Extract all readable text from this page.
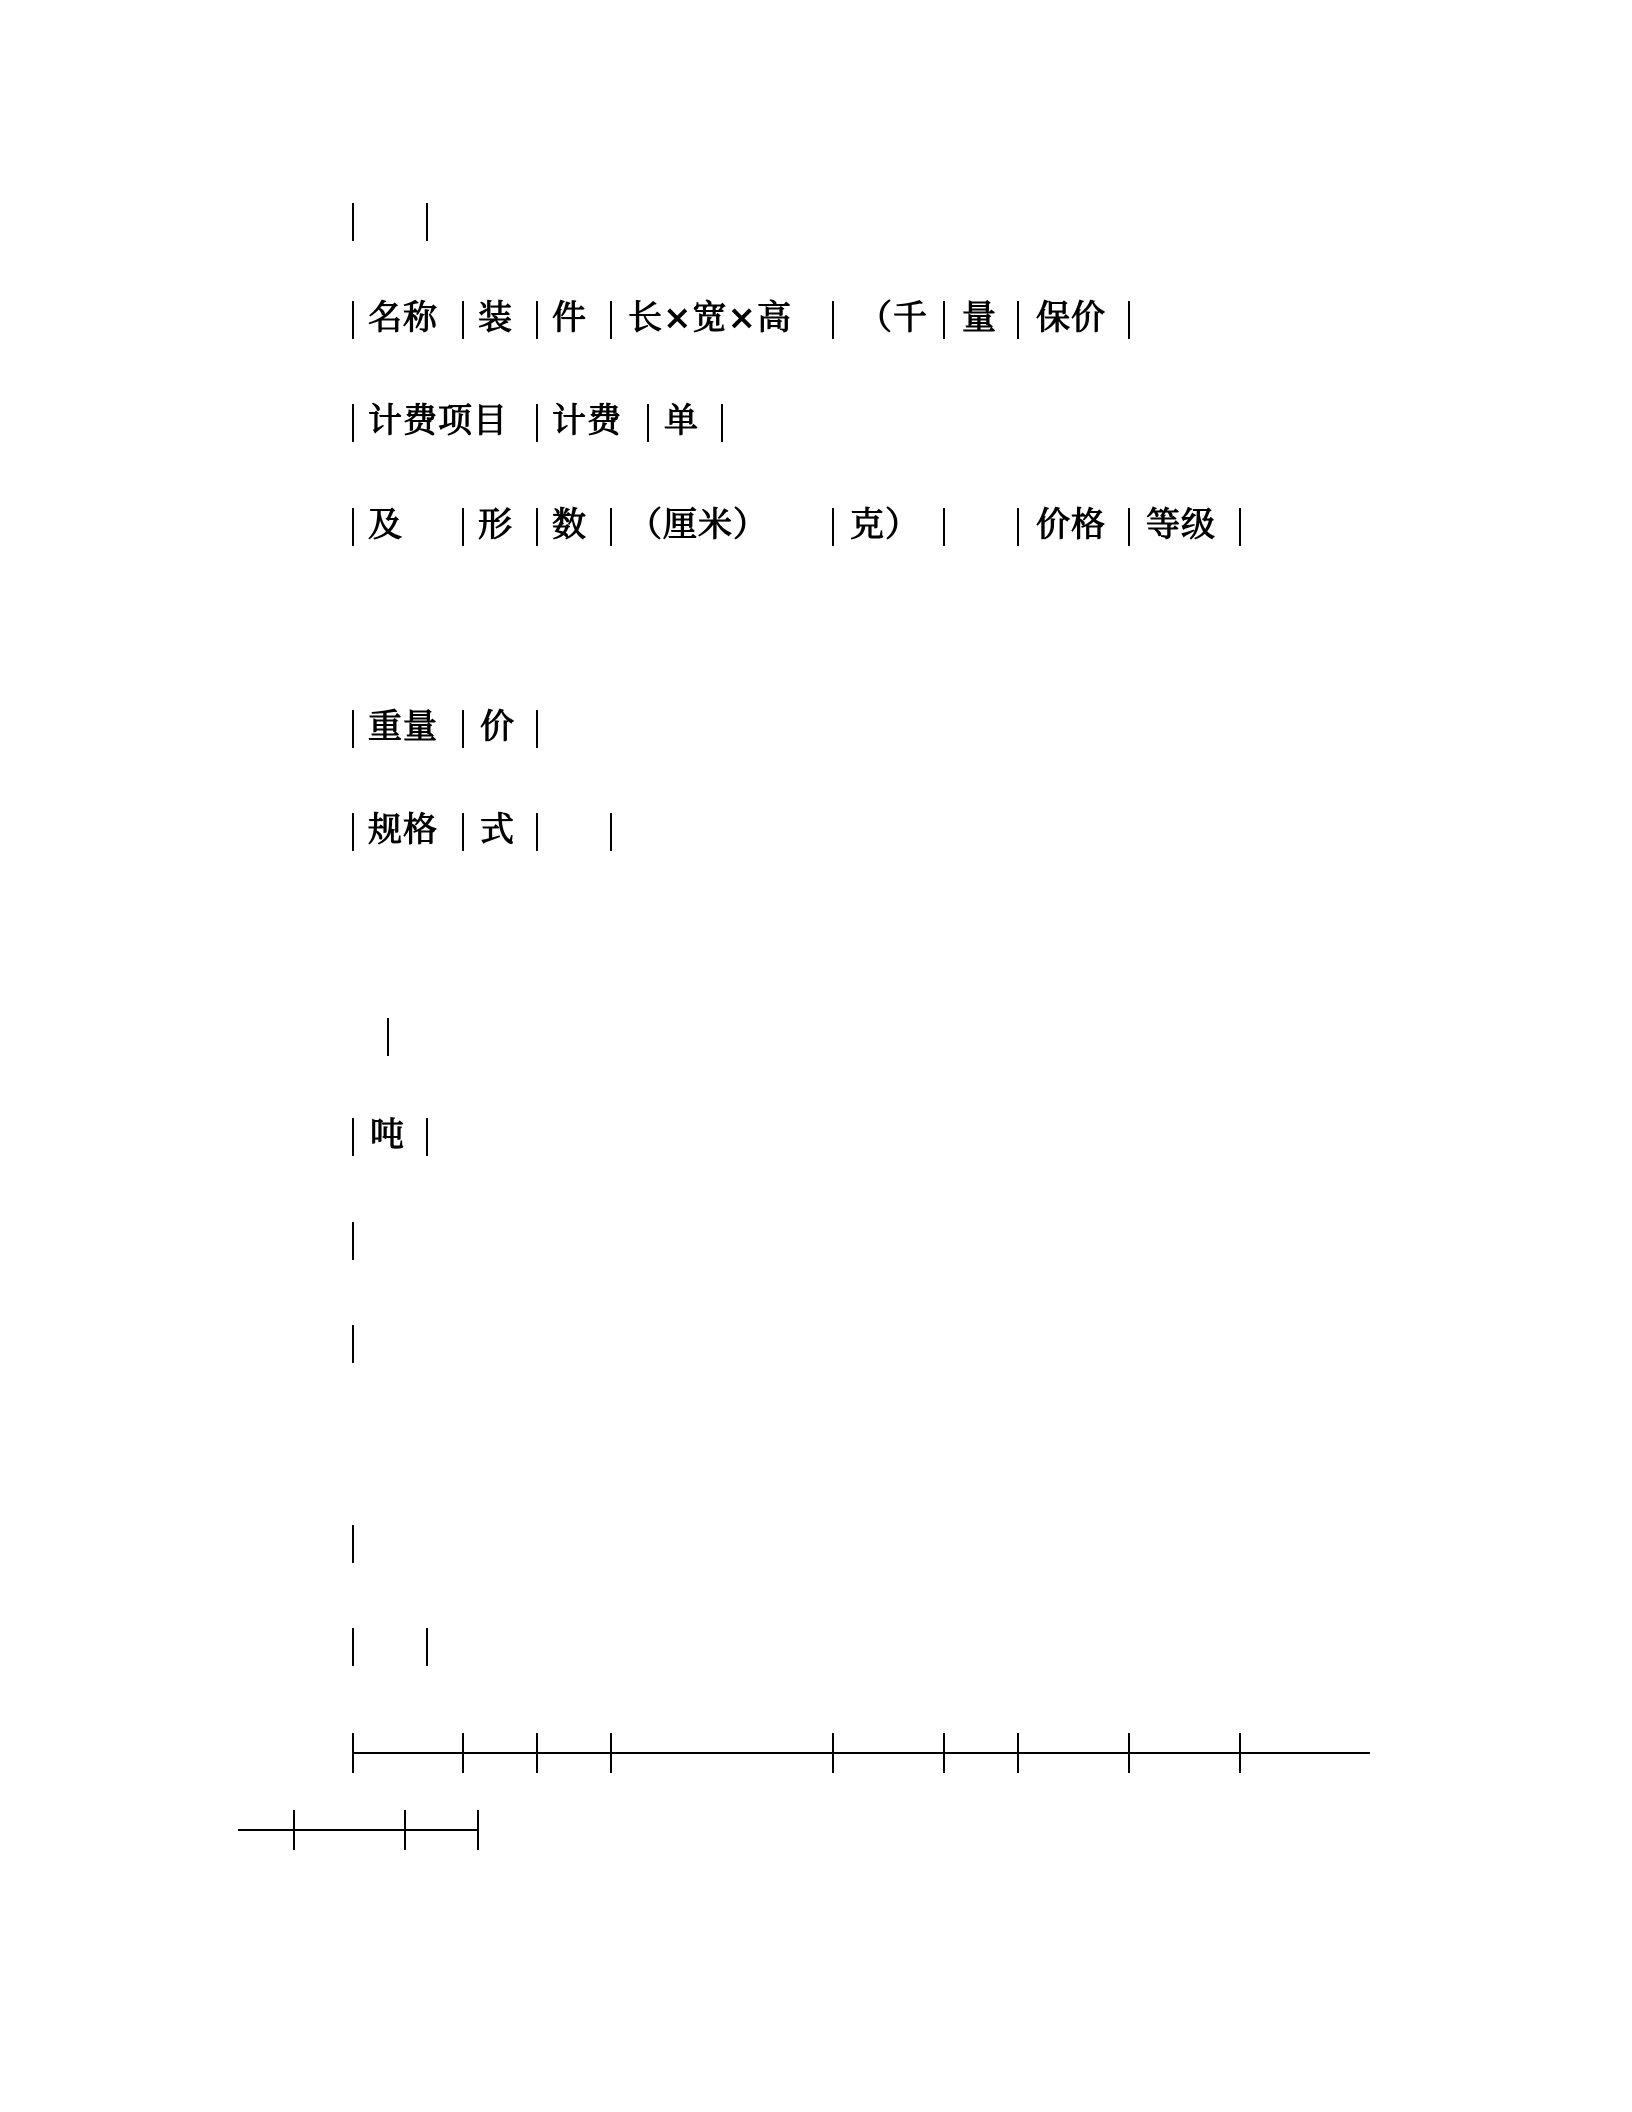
名称 装 件 长×宽×高 （千 量 保价
计费项目 计费 单
及 形 数 （厘米） 克）	价格 等级
重量 价
规格 式
吨
